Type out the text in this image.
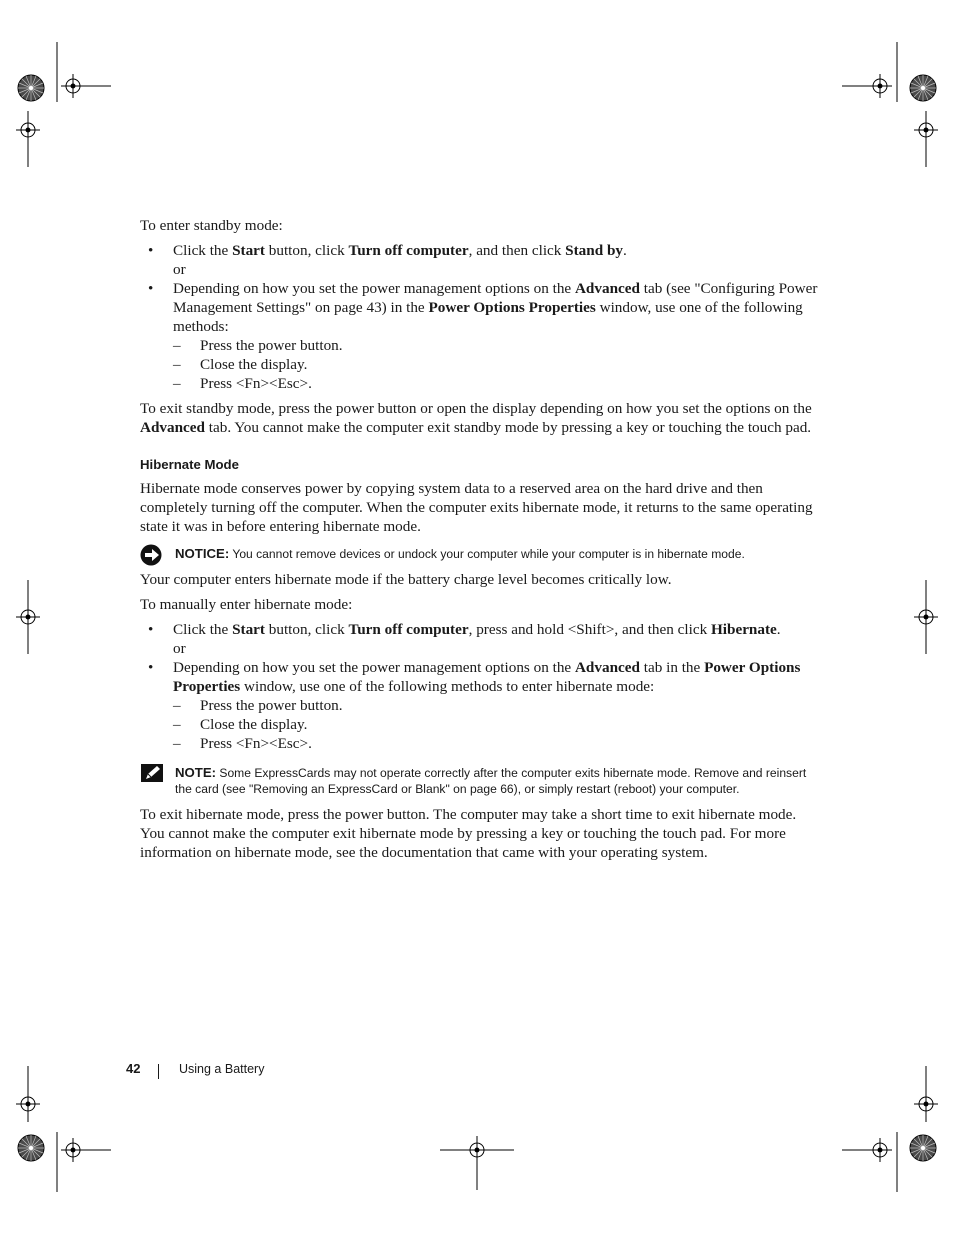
To enter standby mode:

• Click the Start button, click Turn off computer, and then click Stand by.

or

• Depending on how you set the power management options on the Advanced tab (see "Configuring Power Management Settings" on page 43) in the Power Options Properties window, use one of the following methods:

– Press the power button.

– Close the display.

– Press <Fn><Esc>.

To exit standby mode, press the power button or open the display depending on how you set the options on the Advanced tab. You cannot make the computer exit standby mode by pressing a key or touching the touch pad.

Hibernate Mode

Hibernate mode conserves power by copying system data to a reserved area on the hard drive and then completely turning off the computer. When the computer exits hibernate mode, it returns to the same operating state it was in before entering hibernate mode.

NOTICE: You cannot remove devices or undock your computer while your computer is in hibernate mode.

Your computer enters hibernate mode if the battery charge level becomes critically low.

To manually enter hibernate mode:

• Click the Start button, click Turn off computer, press and hold <Shift>, and then click Hibernate.

or

• Depending on how you set the power management options on the Advanced tab in the Power Options Properties window, use one of the following methods to enter hibernate mode:

– Press the power button.

– Close the display.

– Press <Fn><Esc>.

NOTE: Some ExpressCards may not operate correctly after the computer exits hibernate mode. Remove and reinsert the card (see "Removing an ExpressCard or Blank" on page 66), or simply restart (reboot) your computer.

To exit hibernate mode, press the power button. The computer may take a short time to exit hibernate mode. You cannot make the computer exit hibernate mode by pressing a key or touching the touch pad. For more information on hibernate mode, see the documentation that came with your operating system.

42	Using a Battery
